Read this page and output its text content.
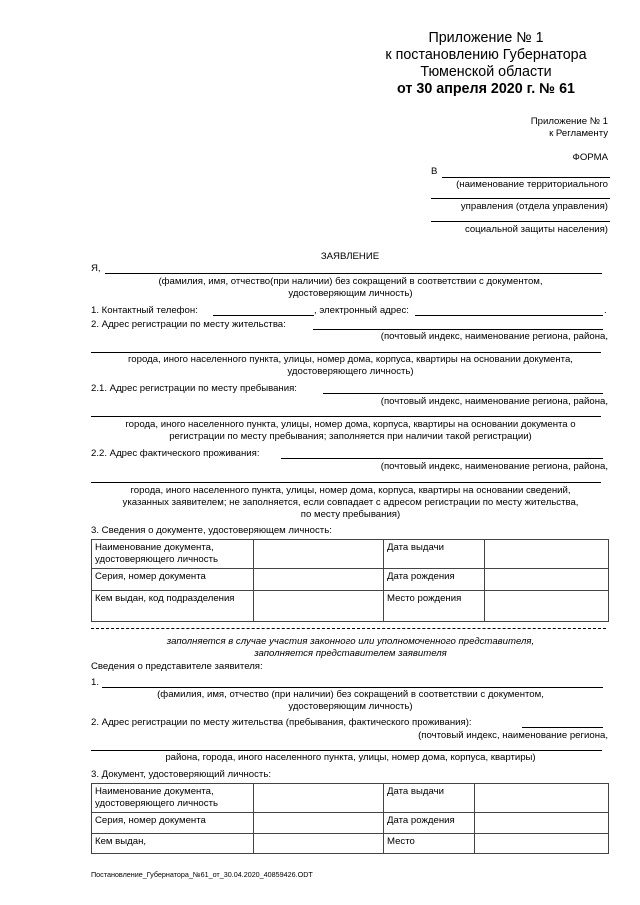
Приложение № 1
к постановлению Губернатора
Тюменской области
от 30 апреля 2020 г. № 61
Приложение № 1
к Регламенту
ФОРМА
В
(наименование территориального
управления (отдела управления)
социальной защиты населения)
ЗАЯВЛЕНИЕ
Я,
(фамилия, имя, отчество(при наличии) без сокращений в соответствии с документом,
удостоверяющим личность)
1. Контактный телефон:	, электронный адрес:	.
2. Адрес регистрации по месту жительства:
(почтовый индекс, наименование региона, района,
города, иного населенного пункта, улицы, номер дома, корпуса, квартиры на основании документа,
удостоверяющего личность)
2.1. Адрес регистрации по месту пребывания:
(почтовый индекс, наименование региона, района,
города, иного населенного пункта, улицы, номер дома, корпуса, квартиры на основании документа о
регистрации по месту пребывания; заполняется при наличии такой регистрации)
2.2. Адрес фактического проживания:
(почтовый индекс, наименование региона, района,
города, иного населенного пункта, улицы, номер дома, корпуса, квартиры на основании сведений,
указанных заявителем; не заполняется, если совпадает с адресом регистрации по месту жительства,
по месту пребывания)
3. Сведения о документе, удостоверяющем личность:
Наименование документа, удостоверяющего личность		Дата выдачи	
Серия, номер документа		Дата рождения	
Кем выдан, код подразделения		Место рождения	
заполняется в случае участия законного или уполномоченного представителя,
заполняется представителем заявителя
Сведения о представителе заявителя:
1.
(фамилия, имя, отчество (при наличии) без сокращений в соответствии с документом,
удостоверяющим личность)
2. Адрес регистрации по месту жительства (пребывания, фактического проживания):
(почтовый индекс, наименование региона,
района, города, иного населенного пункта, улицы, номер дома, корпуса, квартиры)
3. Документ, удостоверяющий личность:
Наименование документа, удостоверяющего личность		Дата выдачи	
Серия, номер документа		Дата рождения	
Кем выдан,		Место	
Постановление_Губернатора_№61_от_30.04.2020_40859426.ODT
